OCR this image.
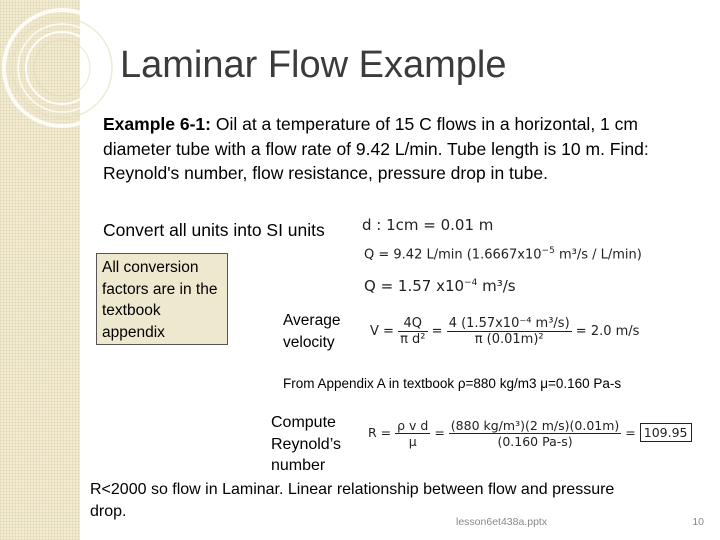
Laminar Flow Example
Example 6-1: Oil at a temperature of 15 C flows in a horizontal, 1 cm diameter tube with a flow rate of 9.42 L/min. Tube length is 10 m. Find: Reynold's number, flow resistance, pressure drop in tube.
Convert all units into SI units
All conversion factors are in the textbook appendix
Average velocity
From Appendix A in textbook ρ=880 kg/m3 μ=0.160 Pa-s
Compute Reynold’s number
R<2000 so flow in Laminar. Linear relationship between flow and pressure drop.
lesson6et438a.pptx	10
d : 1cm = 0.01 m
Q = 9.42 L/min ($1.6667x10^{-5}$ m³/s / L/min)
Q = 1.57 $x10^{-4}$ m³/s
$V = \frac{4Q}{\text{π d²}} = \frac{\text{4 (1.57x10⁻⁴ m³/s)}}{\text{π (0.01m)²}} = 2.0$ m/s
$R = \frac{\text{ρ v d}}{\mu} = \frac{\text{(880 kg/m³)(2 m/s)(0.01m)}}{(0.160 Pa-s)} = 109.95$
